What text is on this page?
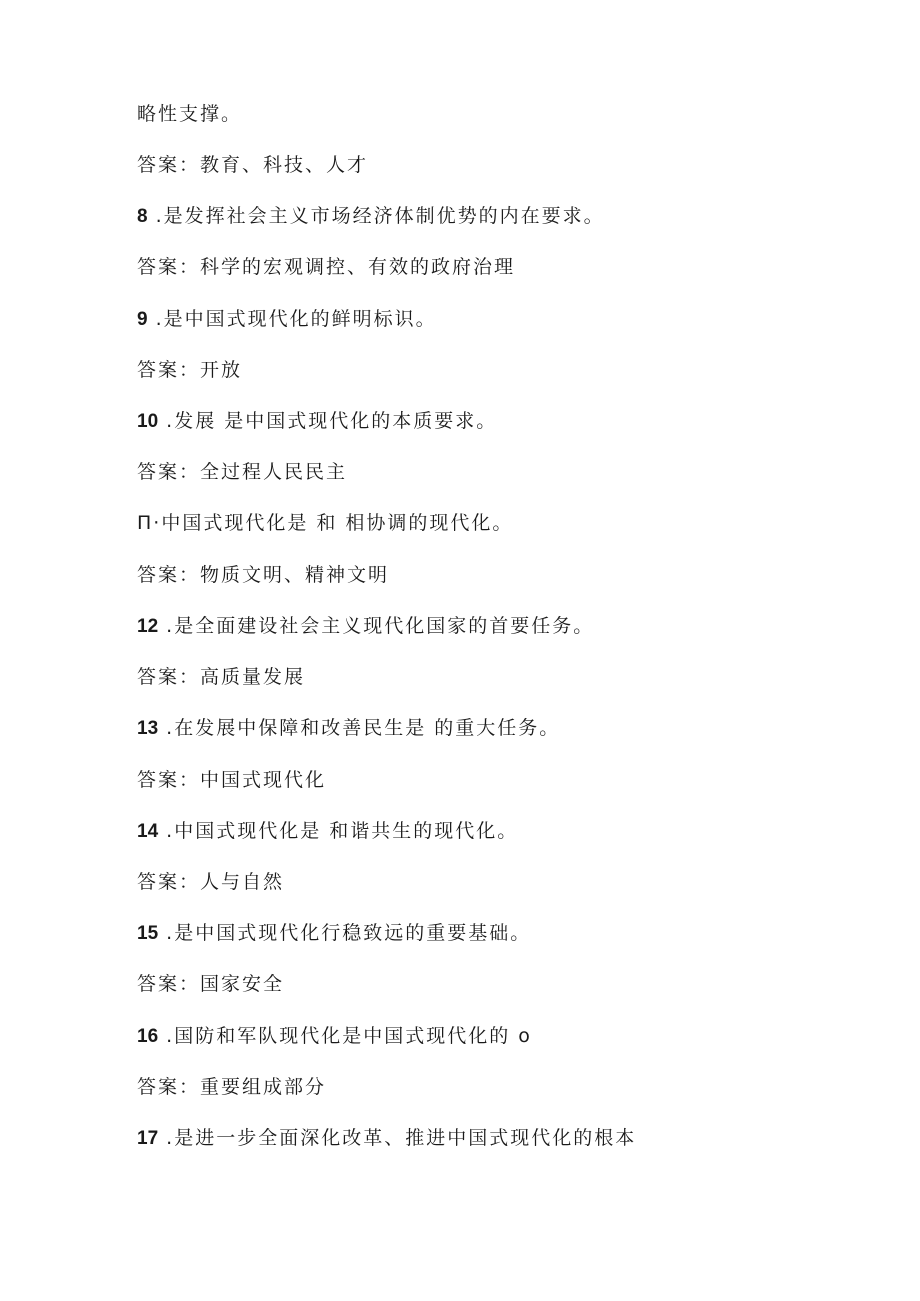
略性支撑。
答案：教育、科技、人才
8 .是发挥社会主义市场经济体制优势的内在要求。
答案：科学的宏观调控、有效的政府治理
9 .是中国式现代化的鲜明标识。
答案：开放
10 .发展 是中国式现代化的本质要求。
答案：全过程人民民主
Π·中国式现代化是 和 相协调的现代化。
答案：物质文明、精神文明
12 .是全面建设社会主义现代化国家的首要任务。
答案：高质量发展
13 .在发展中保障和改善民生是 的重大任务。
答案：中国式现代化
14 .中国式现代化是 和谐共生的现代化。
答案：人与自然
15 .是中国式现代化行稳致远的重要基础。
答案：国家安全
16 .国防和军队现代化是中国式现代化的 o
答案：重要组成部分
17 .是进一步全面深化改革、推进中国式现代化的根本
